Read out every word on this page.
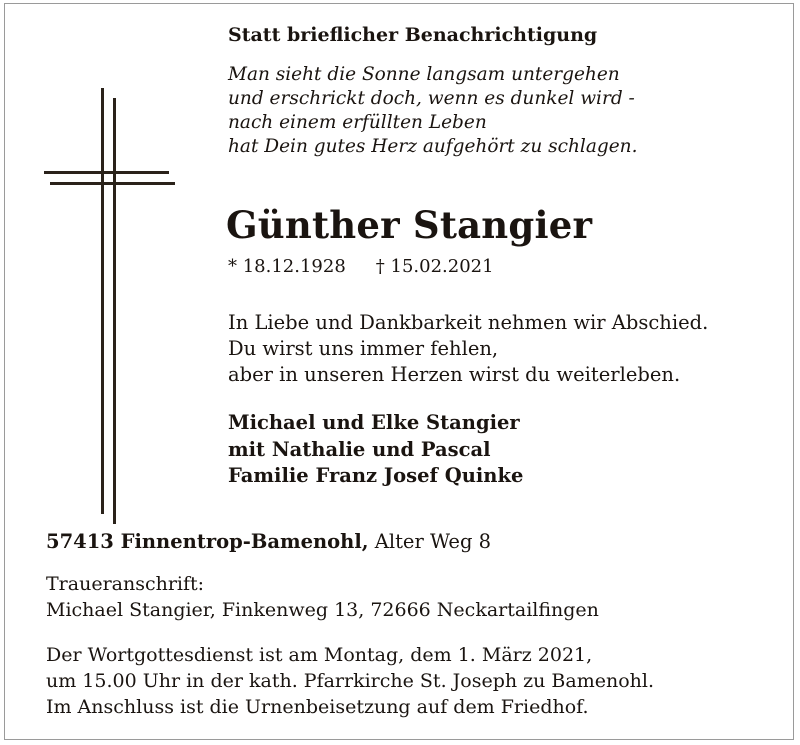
Statt brieflicher Benachrichtigung

Man sieht die Sonne langsam untergehen
und erschrickt doch, wenn es dunkel wird -
nach einem erfüllten Leben
hat Dein gutes Herz aufgehört zu schlagen.
Günther Stangier

* 18.12.1928 † 15.02.2021

In Liebe und Dankbarkeit nehmen wir Abschied.
Du wirst uns immer fehlen,
aber in unseren Herzen wirst du weiterleben.
Michael und Elke Stangier
mit Nathalie und Pascal
Familie Franz Josef Quinke

57413 Finnentrop-Bamenohl, Alter Weg 8

Traueranschrift:
Michael Stangier, Finkenweg 13, 72666 Neckartailfingen
Der Wortgottesdienst ist am Montag, dem 1. März 2021,
um 15.00 Uhr in der kath. Pfarrkirche St. Joseph zu Bamenohl.
Im Anschluss ist die Urnenbeisetzung auf dem Friedhof.
